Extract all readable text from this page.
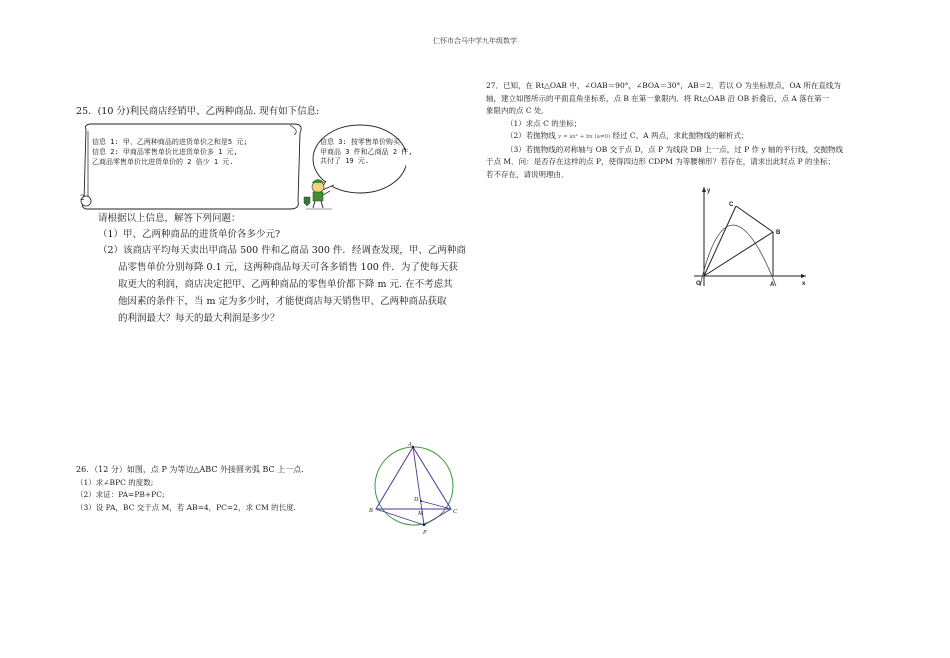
仁怀市合马中学九年级数学
25．(10 分)利民商店经销甲、乙两种商品. 现有如下信息:
2

信息 1: 甲、乙两种商品的进货单价之和是5 元;

信息 2: 甲商品零售单价比进货单价多 1 元,

乙商品零售单价比进货单价的 2 倍少 1 元.

信息 3: 按零售单价购买

甲商品 3 件和乙商品 2 件,

共付了 19 元.

请根据以上信息，解答下列问题：
（1）甲、乙两种商品的进货单价各多少元?

（2）该商店平均每天卖出甲商品 500 件和乙商品 300 件．经调查发现，甲、乙两种商

品零售单价分别每降 0.1 元，这两种商品每天可各多销售 100 件．为了使每天获

取更大的利润，商店决定把甲、乙两种商品的零售单价都下降 m 元. 在不考虑其

他因素的条件下，当 m 定为多少时，才能使商店每天销售甲、乙两种商品获取

的利润最大？每天的最大利润是多少？

26．（12 分）如图，点 P 为等边△ABC 外接圆劣弧 BC 上一点.

（1）求∠BPC 的度数;

（2）求证：PA=PB+PC;

（3）设 PA，BC 交于点 M，若 AB=4，PC=2，求 CM 的长度.

A
B	C
D
M
P

27．已知，在 Rt△OAB 中，∠OAB＝90°，∠BOA＝30°，AB＝2．若以 O 为坐标原点，OA 所在直线为

轴，建立如图所示的平面直角坐标系，点 B 在第一象限内．将 Rt△OAB 沿 OB 折叠后，点 A 落在第一

象限内的点 C 处．

（1）求点 C 的坐标；

（2）若抛物线 y = ax² + bx (a≠0) 经过 C、A 两点，求此抛物线的解析式；

（3）若抛物线的对称轴与 OB 交于点 D，点 P 为线段 DB 上一点，过 P 作 y 轴的平行线，交抛物线

于点 M．问：是否存在这样的点 P，使得四边形 CDPM 为等腰梯形？若存在，请求出此时点 P 的坐标；

若不存在，请说明理由．

y
x
O	A
B
C
